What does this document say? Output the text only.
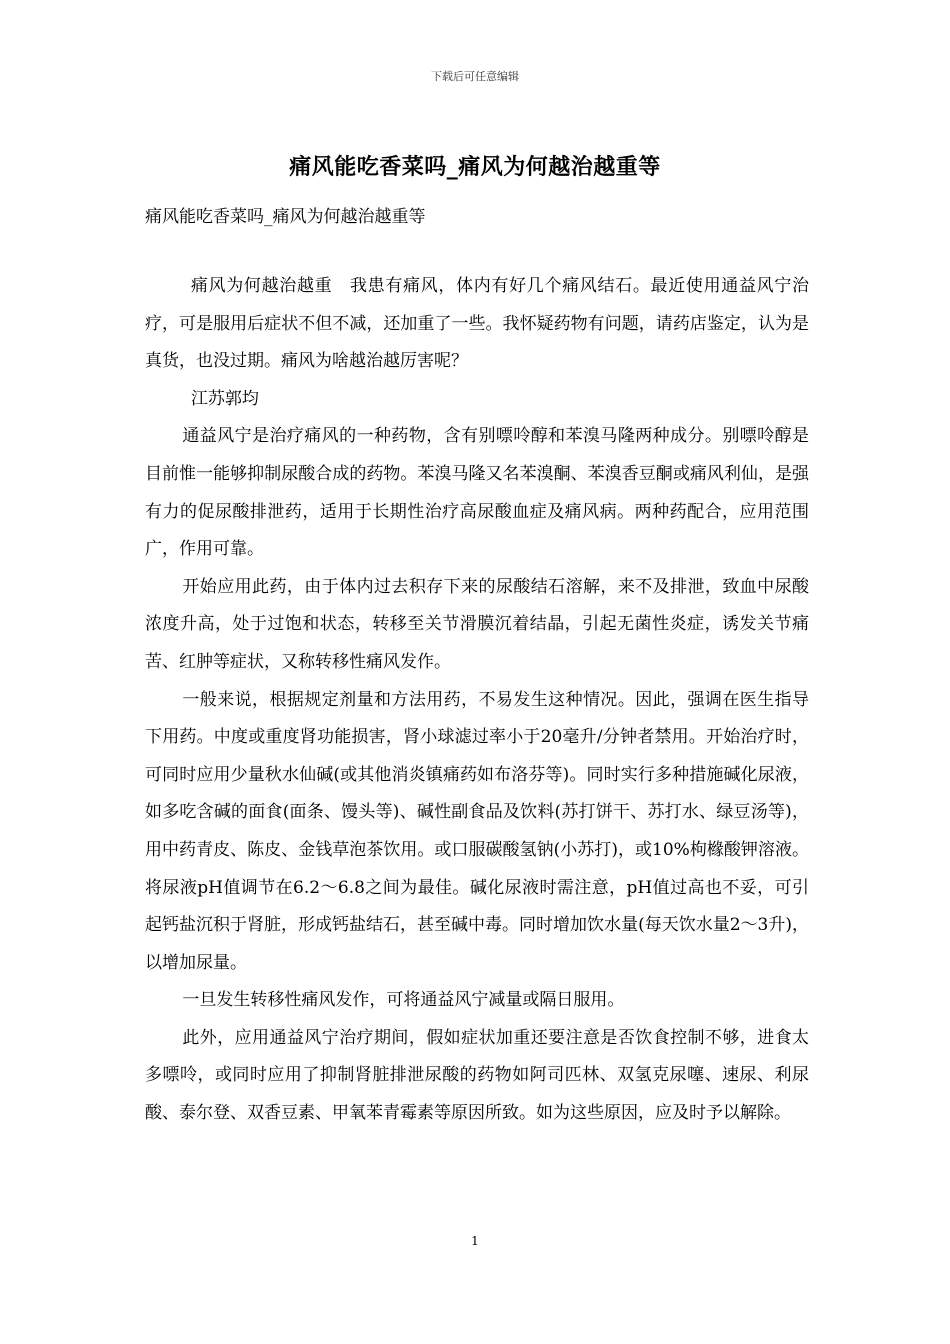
下载后可任意编辑
痛风能吃香菜吗_痛风为何越治越重等
痛风能吃香菜吗_痛风为何越治越重等

痛风为何越治越重　我患有痛风，体内有好几个痛风结石。最近使用通益风宁治疗，可是服用后症状不但不减，还加重了一些。我怀疑药物有问题，请药店鉴定，认为是真货，也没过期。痛风为啥越治越厉害呢？

江苏郭均

通益风宁是治疗痛风的一种药物，含有别嘌呤醇和苯溴马隆两种成分。别嘌呤醇是目前惟一能够抑制尿酸合成的药物。苯溴马隆又名苯溴酮、苯溴香豆酮或痛风利仙，是强有力的促尿酸排泄药，适用于长期性治疗高尿酸血症及痛风病。两种药配合，应用范围广，作用可靠。

开始应用此药，由于体内过去积存下来的尿酸结石溶解，来不及排泄，致血中尿酸浓度升高，处于过饱和状态，转移至关节滑膜沉着结晶，引起无菌性炎症，诱发关节痛苦、红肿等症状，又称转移性痛风发作。

一般来说，根据规定剂量和方法用药，不易发生这种情况。因此，强调在医生指导下用药。中度或重度肾功能损害，肾小球滤过率小于20毫升/分钟者禁用。开始治疗时，可同时应用少量秋水仙碱(或其他消炎镇痛药如布洛芬等)。同时实行多种措施碱化尿液，如多吃含碱的面食(面条、馒头等)、碱性副食品及饮料(苏打饼干、苏打水、绿豆汤等)，用中药青皮、陈皮、金钱草泡茶饮用。或口服碳酸氢钠(小苏打)，或10%枸橼酸钾溶液。将尿液pH值调节在6.2～6.8之间为最佳。碱化尿液时需注意，pH值过高也不妥，可引起钙盐沉积于肾脏，形成钙盐结石，甚至碱中毒。同时增加饮水量(每天饮水量2～3升)，以增加尿量。

一旦发生转移性痛风发作，可将通益风宁减量或隔日服用。

此外，应用通益风宁治疗期间，假如症状加重还要注意是否饮食控制不够，进食太多嘌呤，或同时应用了抑制肾脏排泄尿酸的药物如阿司匹林、双氢克尿噻、速尿、利尿酸、泰尔登、双香豆素、甲氧苯青霉素等原因所致。如为这些原因，应及时予以解除。

1
